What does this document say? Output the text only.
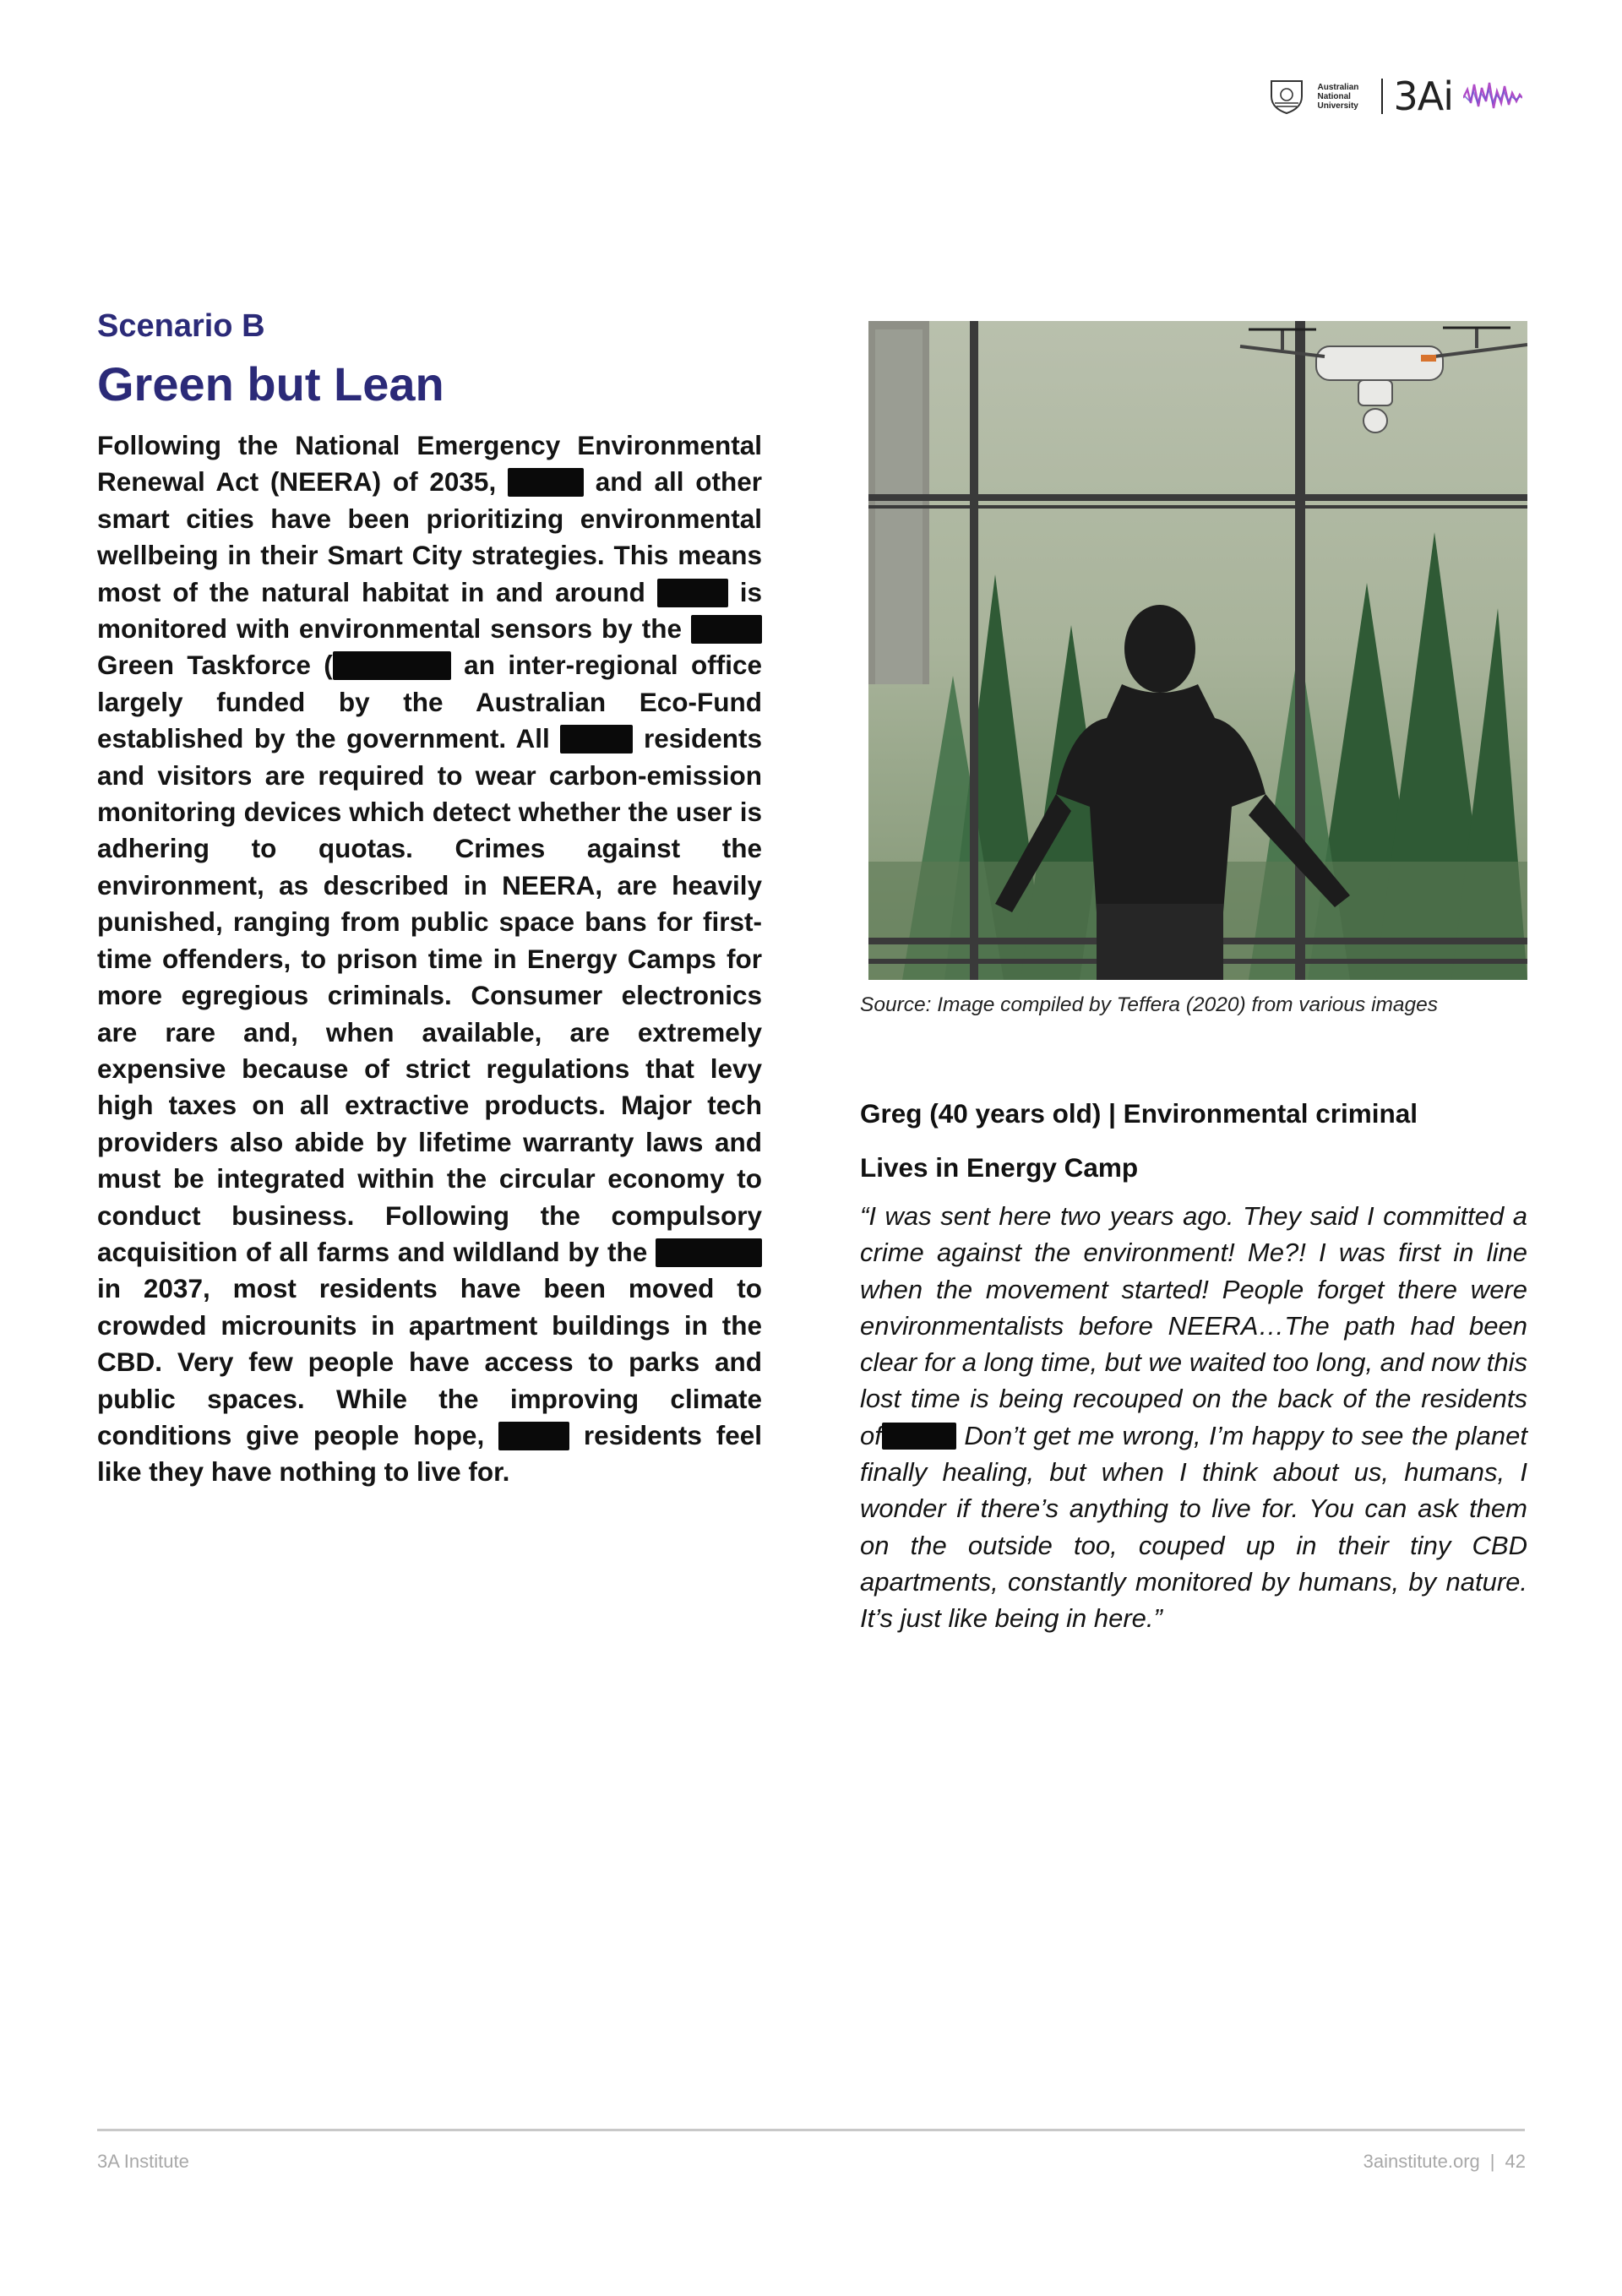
Australian
National
University 3Ai
Scenario B
Green but Lean

Following the National Emergency Environmental Renewal Act (NEERA) of 2035,	and all other smart cities have been prioritizing environmental wellbeing in their Smart City strategies. This means most of the natural habitat in and around	is monitored with environmental sensors by the  Green Taskforce (	an inter-regional office largely funded by the Australian Eco-Fund established by the government. All	residents and visitors are required to wear carbon-emission monitoring devices which detect whether the user is adhering to quotas. Crimes against the environment, as described in NEERA, are heavily punished, ranging from public space bans for first-time offenders, to prison time in Energy Camps for more egregious criminals. Consumer electronics are rare and, when available, are extremely expensive because of strict regulations that levy high taxes on all extractive products. Major tech providers also abide by lifetime warranty laws and must be integrated within the circular economy to conduct business. Following the compulsory acquisition of all farms and wildland by the  in 2037, most residents have been moved to crowded microunits in apartment buildings in the CBD. Very few people have access to parks and public spaces. While the improving climate conditions give people hope,	residents feel like they have nothing to live for.

Source: Image compiled by Teffera (2020) from various images
Greg (40 years old) | Environmental criminal
Lives in Energy Camp

“I was sent here two years ago. They said I committed a crime against the environment! Me?! I was first in line when the movement started! People forget there were environmentalists before NEERA…The path had been clear for a long time, but we waited too long, and now this lost time is being recouped on the back of the residents of	Don’t get me wrong, I’m happy to see the planet finally healing, but when I think about us, humans, I wonder if there’s anything to live for. You can ask them on the outside too, couped up in their tiny CBD apartments, constantly monitored by humans, by nature. It’s just like being in here.”

3A Institute	3ainstitute.org | 42
